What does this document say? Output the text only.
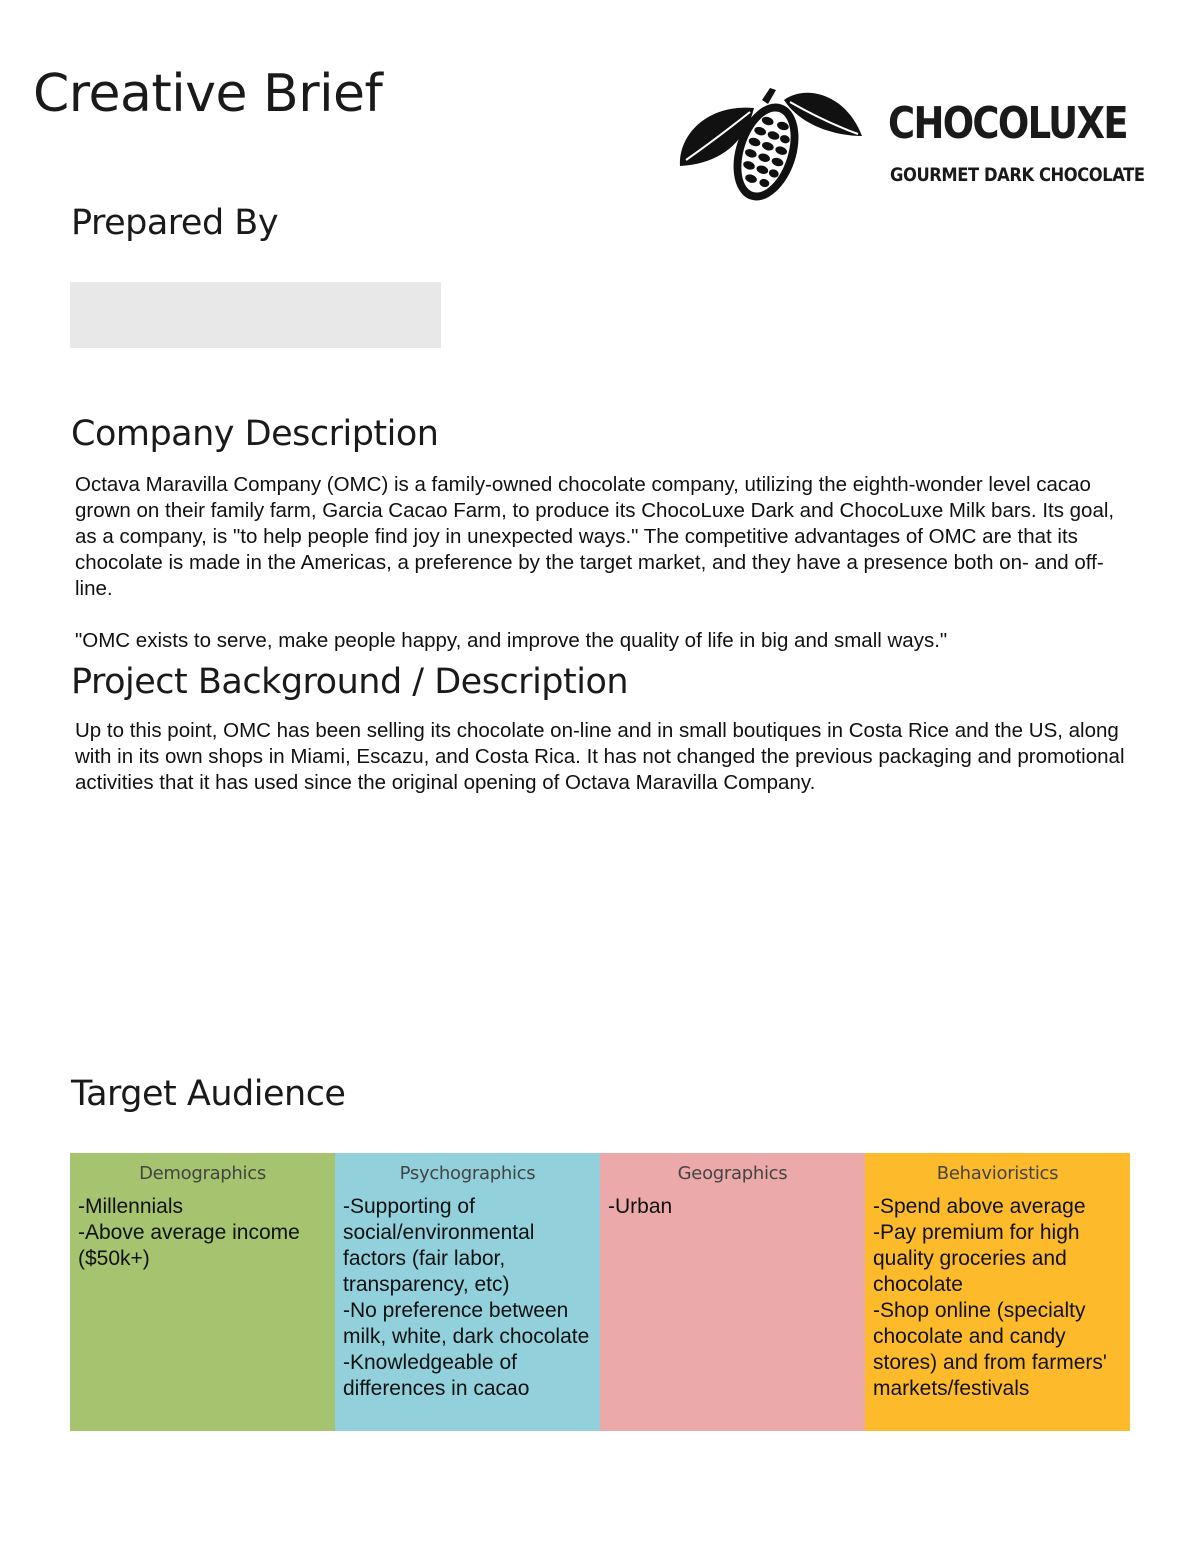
Creative Brief	CHOCOLUXE

GOURMET DARK CHOCOLATE

Prepared By
Company Description

Octava Maravilla Company (OMC) is a family-owned chocolate company, utilizing the eighth-wonder level cacao grown on their family farm, Garcia Cacao Farm, to produce its ChocoLuxe Dark and ChocoLuxe Milk bars. Its goal, as a company, is "to help people find joy in unexpected ways." The competitive advantages of OMC are that its chocolate is made in the Americas, a preference by the target market, and they have a presence both on- and off-line.

"OMC exists to serve, make people happy, and improve the quality of life in big and small ways."

Project Background / Description

Up to this point, OMC has been selling its chocolate on-line and in small boutiques in Costa Rice and the US, along with in its own shops in Miami, Escazu, and Costa Rica. It has not changed the previous packaging and promotional activities that it has used since the original opening of Octava Maravilla Company.

Target Audience
Demographics
-Millennials
-Above average income ($50k+)
Psychographics
-Supporting of social/environmental factors (fair labor, transparency, etc)
-No preference between milk, white, dark chocolate
-Knowledgeable of differences in cacao
Geographics
-Urban
Behavioristics
-Spend above average
-Pay premium for high quality groceries and chocolate
-Shop online (specialty chocolate and candy stores) and from farmers' markets/festivals
